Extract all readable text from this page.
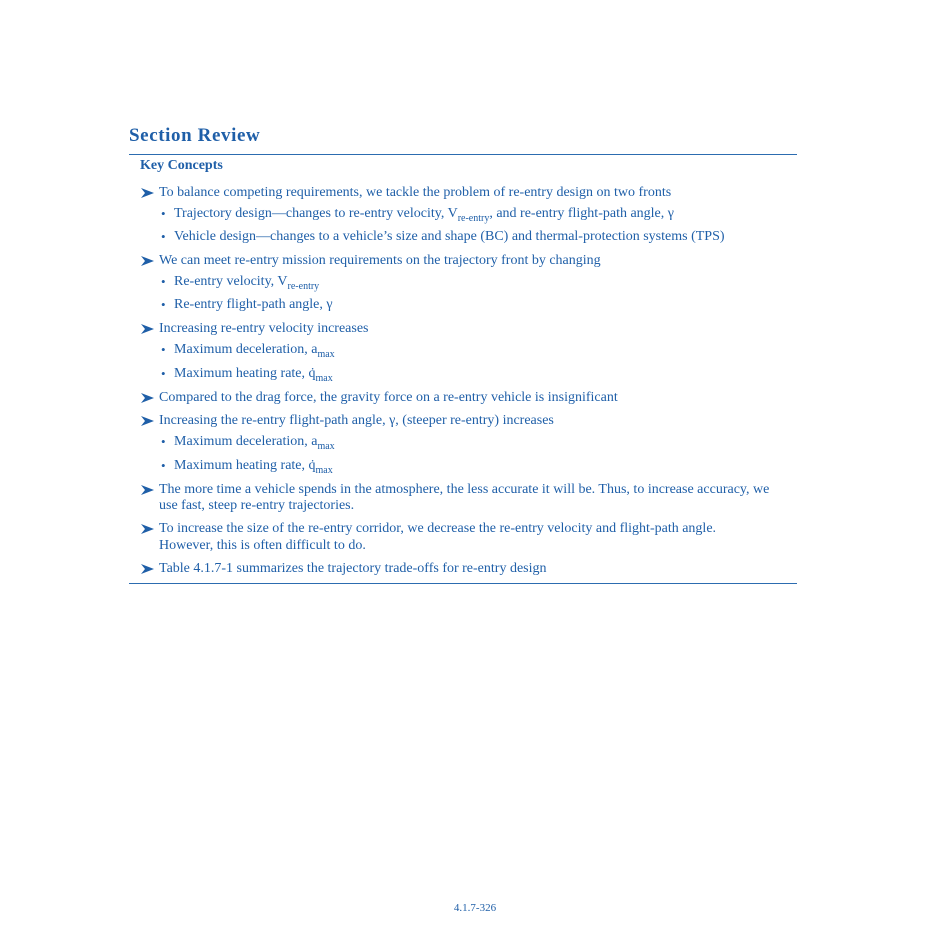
Section Review
Key Concepts
To balance competing requirements, we tackle the problem of re-entry design on two fronts
• Trajectory design—changes to re-entry velocity, $V_{re-entry}$, and re-entry flight-path angle, γ
• Vehicle design—changes to a vehicle’s size and shape (BC) and thermal-protection systems (TPS)
We can meet re-entry mission requirements on the trajectory front by changing
• Re-entry velocity, $V_{re-entry}$
• Re-entry flight-path angle, γ
Increasing re-entry velocity increases
• Maximum deceleration, $a_{max}$
• Maximum heating rate, $q̇_{max}$
Compared to the drag force, the gravity force on a re-entry vehicle is insignificant
Increasing the re-entry flight-path angle, γ, (steeper re-entry) increases
• Maximum deceleration, $a_{max}$
• Maximum heating rate, $q̇_{max}$
The more time a vehicle spends in the atmosphere, the less accurate it will be. Thus, to increase accuracy, we
use fast, steep re-entry trajectories.
To increase the size of the re-entry corridor, we decrease the re-entry velocity and flight-path angle.
However, this is often difficult to do.
Table 4.1.7-1 summarizes the trajectory trade-offs for re-entry design
4.1.7-326
